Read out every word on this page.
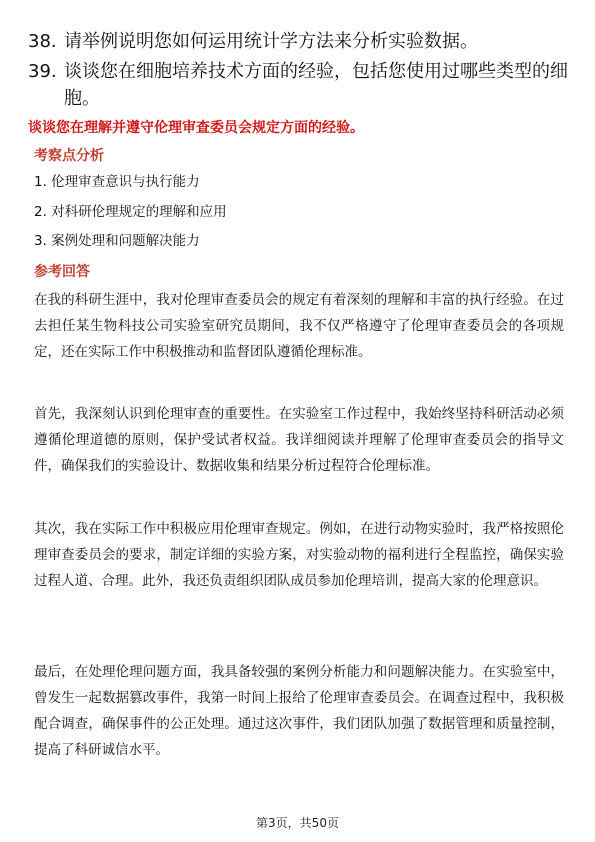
38. 请举例说明您如何运用统计学方法来分析实验数据。
39. 谈谈您在细胞培养技术方面的经验，包括您使用过哪些类型的细
胞。
谈谈您在理解并遵守伦理审查委员会规定方面的经验。
考察点分析
1. 伦理审查意识与执行能力
2. 对科研伦理规定的理解和应用
3. 案例处理和问题解决能力
参考回答
在我的科研生涯中，我对伦理审查委员会的规定有着深刻的理解和丰富的执行经验。在过去担任某生物科技公司实验室研究员期间，我不仅严格遵守了伦理审查委员会的各项规定，还在实际工作中积极推动和监督团队遵循伦理标准。
首先，我深刻认识到伦理审查的重要性。在实验室工作过程中，我始终坚持科研活动必须遵循伦理道德的原则，保护受试者权益。我详细阅读并理解了伦理审查委员会的指导文件，确保我们的实验设计、数据收集和结果分析过程符合伦理标准。
其次，我在实际工作中积极应用伦理审查规定。例如，在进行动物实验时，我严格按照伦理审查委员会的要求，制定详细的实验方案，对实验动物的福利进行全程监控，确保实验过程人道、合理。此外，我还负责组织团队成员参加伦理培训，提高大家的伦理意识。
最后，在处理伦理问题方面，我具备较强的案例分析能力和问题解决能力。在实验室中，曾发生一起数据篡改事件，我第一时间上报给了伦理审查委员会。在调查过程中，我积极配合调查，确保事件的公正处理。通过这次事件，我们团队加强了数据管理和质量控制，提高了科研诚信水平。
第3页，共50页
